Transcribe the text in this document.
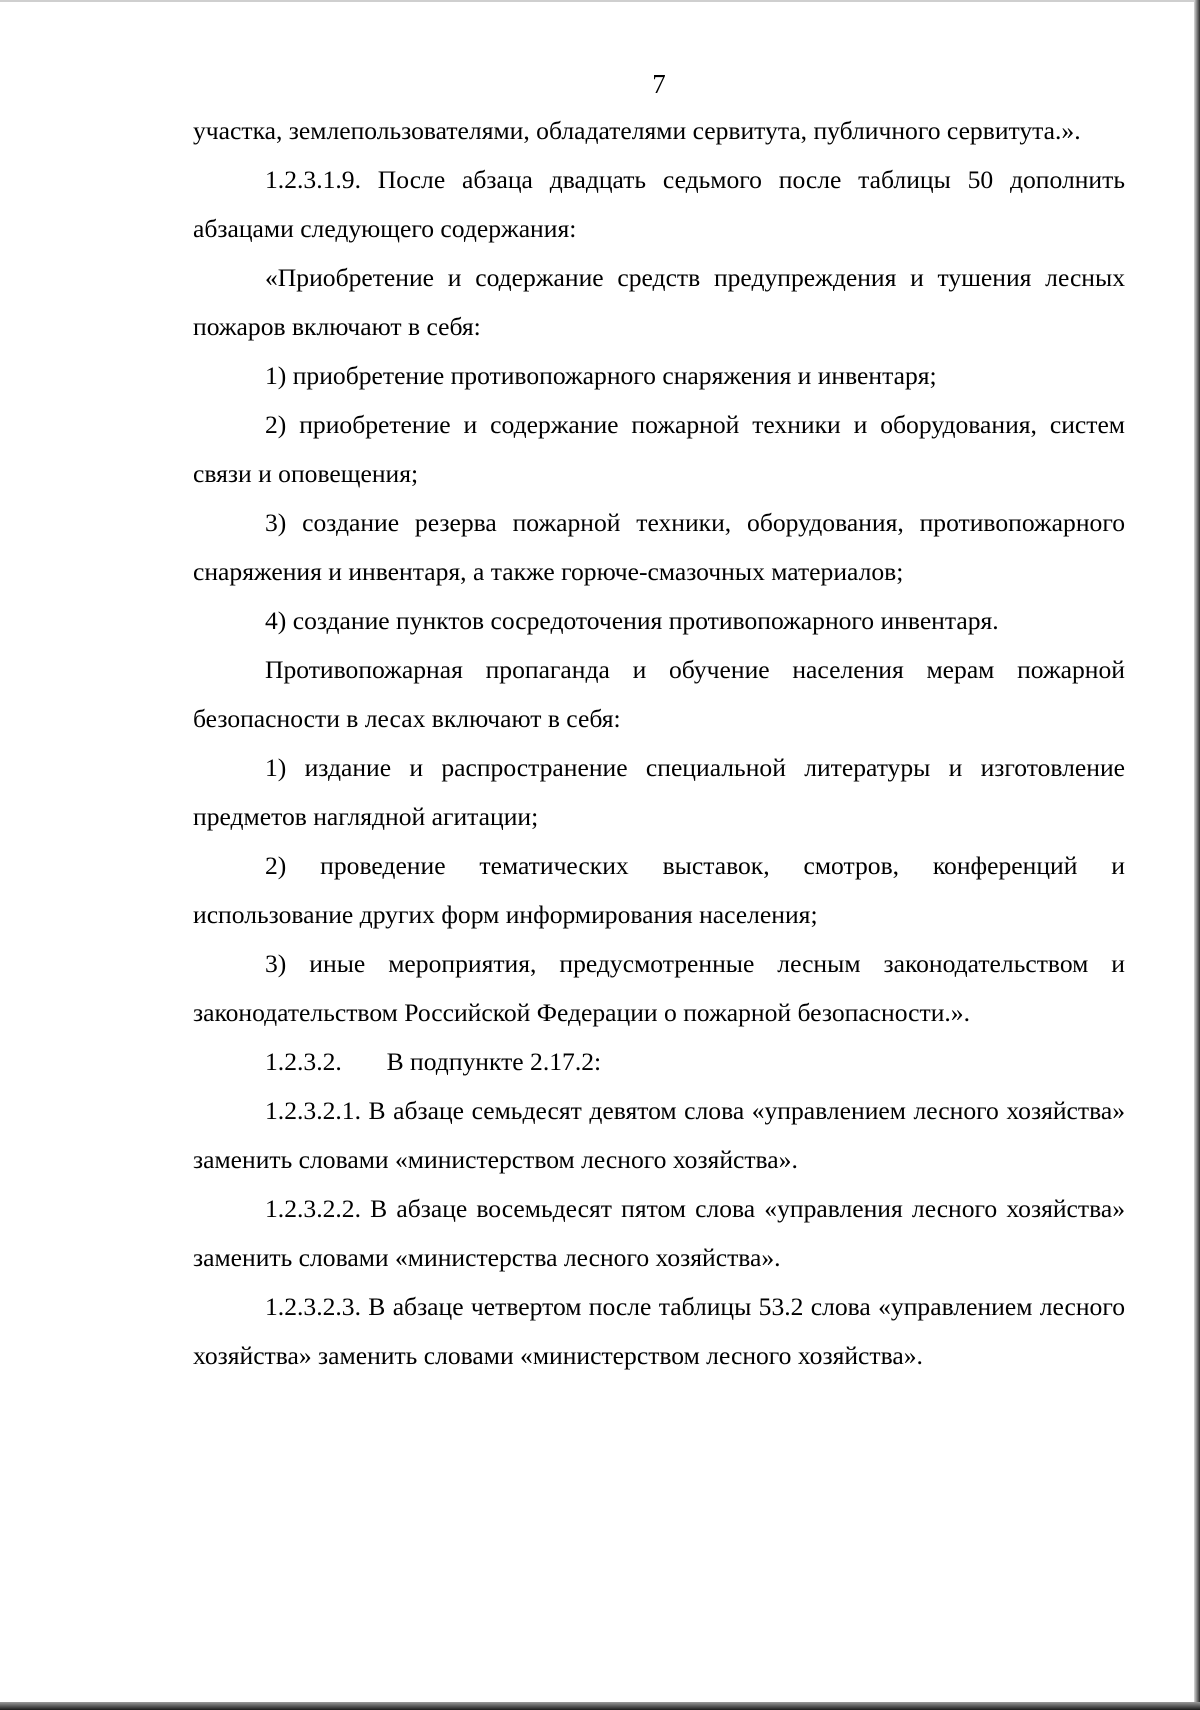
7

участка, землепользователями, обладателями сервитута, публичного сервитута.».

1.2.3.1.9. После абзаца двадцать седьмого после таблицы 50 дополнить абзацами следующего содержания:

«Приобретение и содержание средств предупреждения и тушения лесных пожаров включают в себя:

1) приобретение противопожарного снаряжения и инвентаря;

2) приобретение и содержание пожарной техники и оборудования, систем связи и оповещения;

3) создание резерва пожарной техники, оборудования, противопожарного снаряжения и инвентаря, а также горюче-смазочных материалов;

4) создание пунктов сосредоточения противопожарного инвентаря.

Противопожарная пропаганда и обучение населения мерам пожарной безопасности в лесах включают в себя:

1) издание и распространение специальной литературы и изготовление предметов наглядной агитации;

2) проведение тематических выставок, смотров, конференций и использование других форм информирования населения;

3) иные мероприятия, предусмотренные лесным законодательством и законодательством Российской Федерации о пожарной безопасности.».

1.2.3.2.       В подпункте 2.17.2:

1.2.3.2.1. В абзаце семьдесят девятом слова «управлением лесного хозяйства» заменить словами «министерством лесного хозяйства».

1.2.3.2.2. В абзаце восемьдесят пятом слова «управления лесного хозяйства» заменить словами «министерства лесного хозяйства».

1.2.3.2.3. В абзаце четвертом после таблицы 53.2 слова «управлением лесного хозяйства» заменить словами «министерством лесного хозяйства».
